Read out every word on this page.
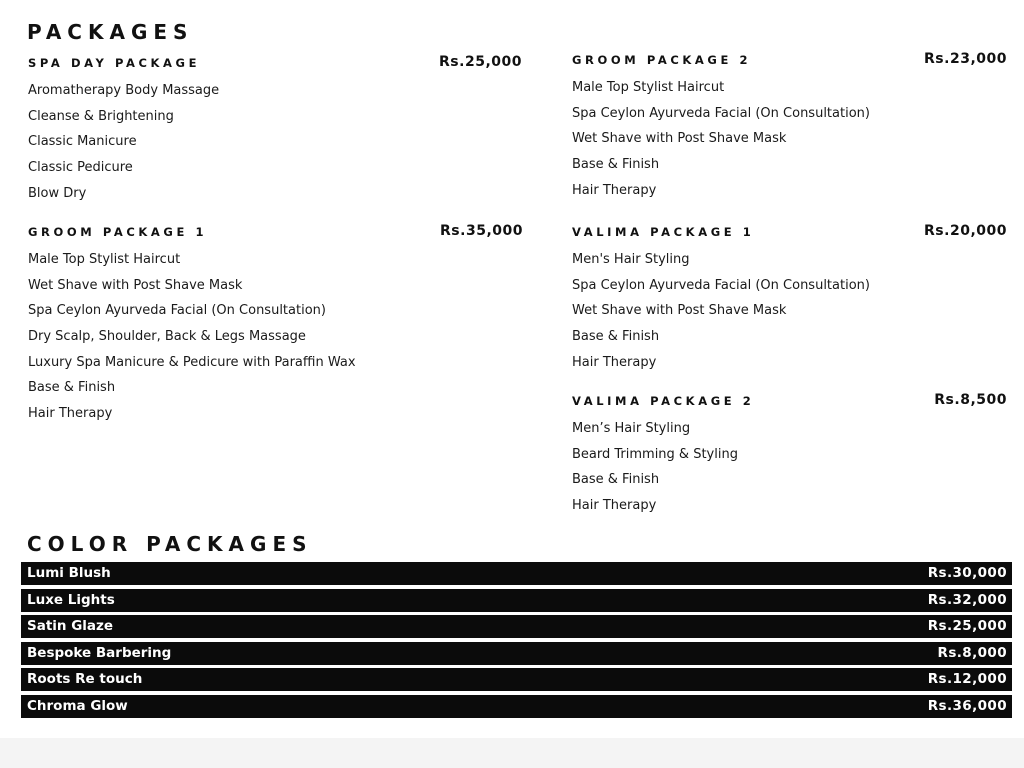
PACKAGES
SPA DAY PACKAGE	Rs.25,000
Aromatherapy Body Massage
Cleanse & Brightening
Classic Manicure
Classic Pedicure
Blow Dry
GROOM PACKAGE 1	Rs.35,000
Male Top Stylist Haircut
Wet Shave with Post Shave Mask
Spa Ceylon Ayurveda Facial (On Consultation)
Dry Scalp, Shoulder, Back & Legs Massage
Luxury Spa Manicure & Pedicure with Paraffin Wax
Base & Finish
Hair Therapy
GROOM PACKAGE 2	Rs.23,000
Male Top Stylist Haircut
Spa Ceylon Ayurveda Facial (On Consultation)
Wet Shave with Post Shave Mask
Base & Finish
Hair Therapy
VALIMA PACKAGE 1	Rs.20,000
Men's Hair Styling
Spa Ceylon Ayurveda Facial (On Consultation)
Wet Shave with Post Shave Mask
Base & Finish
Hair Therapy
VALIMA PACKAGE 2	Rs.8,500
Men’s Hair Styling
Beard Trimming & Styling
Base & Finish
Hair Therapy
COLOR PACKAGES
Lumi Blush	Rs.30,000
Luxe Lights	Rs.32,000
Satin Glaze	Rs.25,000
Bespoke Barbering	Rs.8,000
Roots Re touch	Rs.12,000
Chroma Glow	Rs.36,000
